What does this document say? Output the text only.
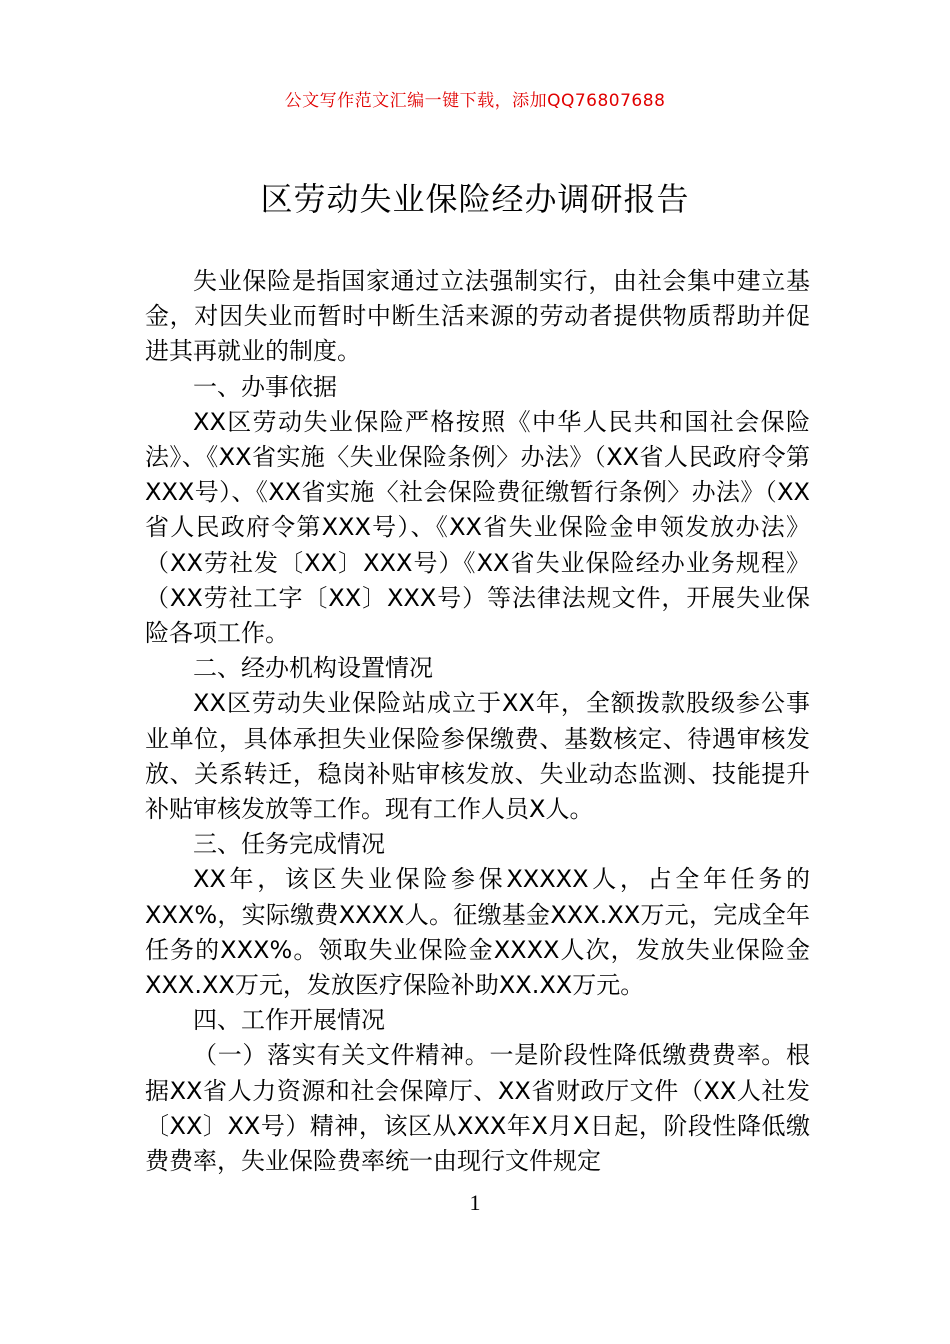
公文写作范文汇编一键下载，添加QQ76807688
区劳动失业保险经办调研报告

失业保险是指国家通过立法强制实行，由社会集中建立基金，对因失业而暂时中断生活来源的劳动者提供物质帮助并促进其再就业的制度。

一、办事依据

XX区劳动失业保险严格按照《中华人民共和国社会保险法》、《XX省实施〈失业保险条例〉办法》（XX省人民政府令第XXX号）、《XX省实施〈社会保险费征缴暂行条例〉办法》（XX省人民政府令第XXX号）、《XX省失业保险金申领发放办法》（XX劳社发〔XX〕XXX号）《XX省失业保险经办业务规程》（XX劳社工字〔XX〕XXX号）等法律法规文件，开展失业保险各项工作。

二、经办机构设置情况

XX区劳动失业保险站成立于XX年，全额拨款股级参公事业单位，具体承担失业保险参保缴费、基数核定、待遇审核发放、关系转迁，稳岗补贴审核发放、失业动态监测、技能提升补贴审核发放等工作。现有工作人员X人。

三、任务完成情况

XX年，该区失业保险参保XXXXX人，占全年任务的XXX%，实际缴费XXXX人。征缴基金XXX.XX万元，完成全年任务的XXX%。领取失业保险金XXXX人次，发放失业保险金XXX.XX万元，发放医疗保险补助XX.XX万元。

四、工作开展情况

（一）落实有关文件精神。一是阶段性降低缴费费率。根据XX省人力资源和社会保障厅、XX省财政厅文件（XX人社发〔XX〕XX号）精神，该区从XXX年X月X日起，阶段性降低缴费费率，失业保险费率统一由现行文件规定

1
